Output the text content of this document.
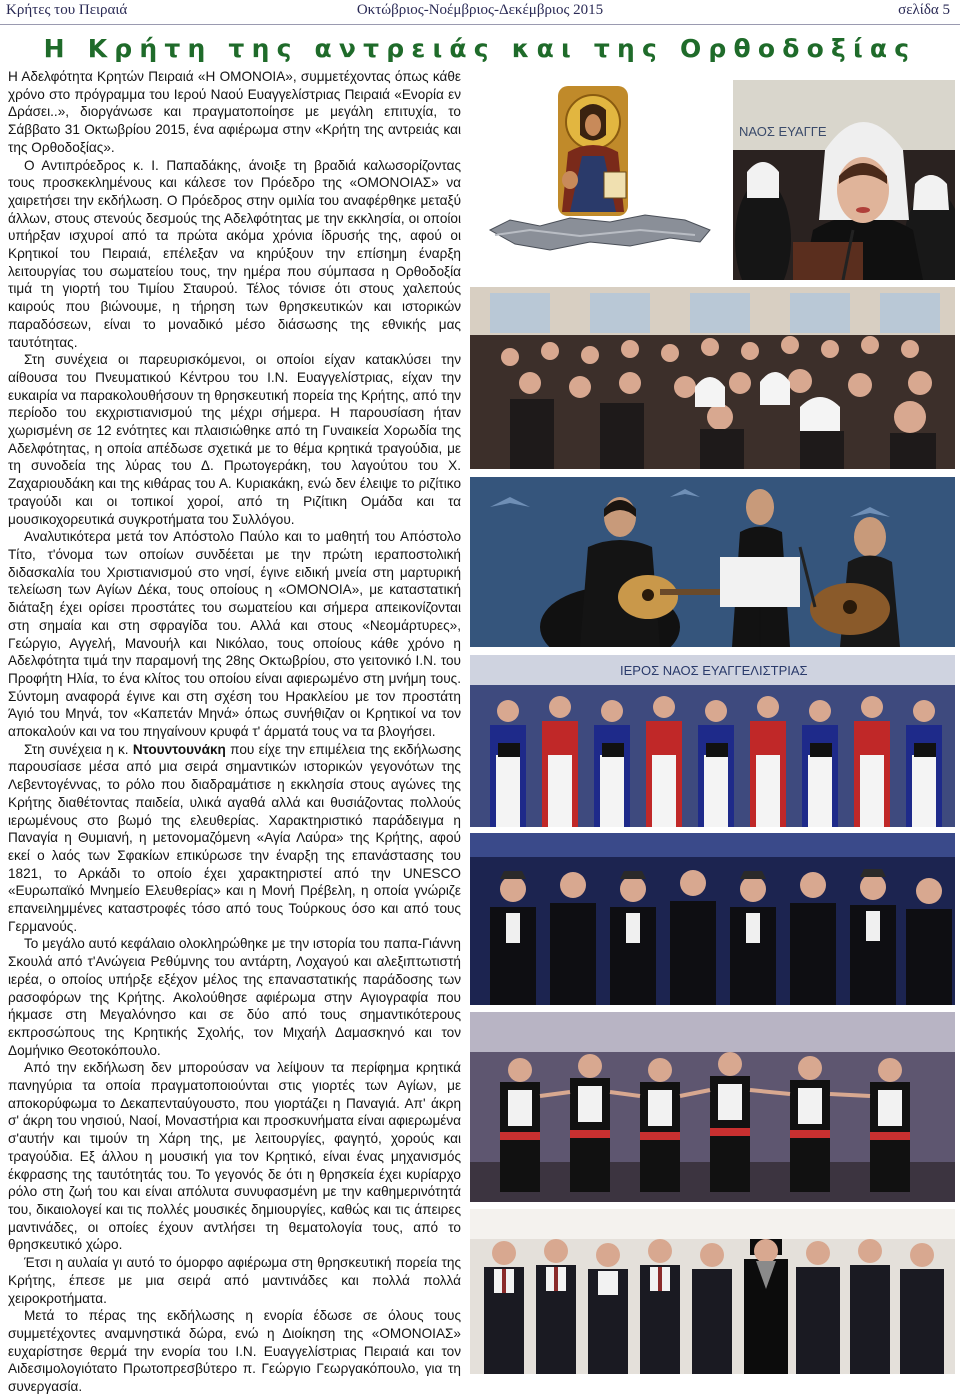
Κρήτες του Πειραιά	Οκτώβριος-Νοέμβριος-Δεκέμβριος 2015	σελίδα 5
Η Κρήτη της αντρειάς και της Ορθοδοξίας

Η Αδελφότητα Κρητών Πειραιά «Η ΟΜΟΝΟΙΑ», συμμετέχοντας όπως κάθε χρόνο στο πρόγραμμα του Ιερού Ναού Ευαγγελίστριας Πειραιά «Ενορία εν Δράσει..», διοργάνωσε και πραγματοποίησε με μεγάλη επιτυχία, το Σάββατο 31 Οκτωβρίου 2015, ένα αφιέρωμα στην «Κρήτη της αντρειάς και της Ορθοδοξίας».

Ο Αντιπρόεδρος κ. Ι. Παπαδάκης, άνοιξε τη βραδιά καλωσορίζοντας τους προσκεκλημένους και κάλεσε τον Πρόεδρο της «ΟΜΟΝΟΙΑΣ» να χαιρετήσει την εκδήλωση. Ο Πρόεδρος στην ομιλία του αναφέρθηκε μεταξύ άλλων, στους στενούς δεσμούς της Αδελφότητας με την εκκλησία, οι οποίοι υπήρξαν ισχυροί από τα πρώτα ακόμα χρόνια ίδρυσής της, αφού οι Κρητικοί του Πειραιά, επέλεξαν να κηρύξουν την επίσημη έναρξη λειτουργίας του σωματείου τους, την ημέρα που σύμπασα η Ορθοδοξία τιμά τη γιορτή του Τιμίου Σταυρού. Τέλος τόνισε ότι στους χαλεπούς καιρούς που βιώνουμε, η τήρηση των θρησκευτικών και ιστορικών παραδόσεων, είναι το μοναδικό μέσο διάσωσης της εθνικής μας ταυτότητας.

Στη συνέχεια οι παρευρισκόμενοι, οι οποίοι είχαν κατακλύσει την αίθουσα του Πνευματικού Κέντρου του Ι.Ν. Ευαγγελίστριας, είχαν την ευκαιρία να παρακολουθήσουν τη θρησκευτική πορεία της Κρήτης, από την περίοδο του εκχριστιανισμού της μέχρι σήμερα. Η παρουσίαση ήταν χωρισμένη σε 12 ενότητες και πλαισιώθηκε από τη Γυναικεία Χορωδία της Αδελφότητας, η οποία απέδωσε σχετικά με το θέμα κρητικά τραγούδια, με τη συνοδεία της λύρας του Δ. Πρωτογεράκη, του λαγούτου του Χ. Ζαχαριουδάκη και της κιθάρας του Α. Κυριακάκη, ενώ δεν έλειψε το ριζίτικο τραγούδι και οι τοπικοί χοροί, από τη Ριζίτικη Ομάδα και τα μουσικοχορευτικά συγκροτήματα του Συλλόγου.

Αναλυτικότερα μετά τον Απόστολο Παύλο και το μαθητή του Απόστολο Τίτο, τ'όνομα των οποίων συνδέεται με την πρώτη ιεραποστολική διδασκαλία του Χριστιανισμού στο νησί, έγινε ειδική μνεία στη μαρτυρική τελείωση των Αγίων Δέκα, τους οποίους η «ΟΜΟΝΟΙΑ», με καταστατική διάταξη έχει ορίσει προστάτες του σωματείου και σήμερα απεικονίζονται στη σημαία και στη σφραγίδα του. Αλλά και στους «Νεομάρτυρες», Γεώργιο, Αγγελή, Μανουήλ και Νικόλαο, τους οποίους κάθε χρόνο η Αδελφότητα τιμά την παραμονή της 28ης Οκτωβρίου, στο γειτονικό Ι.Ν. του Προφήτη Ηλία, το ένα κλίτος του οποίου είναι αφιερωμένο στη μνήμη τους. Σύντομη αναφορά έγινε και στη σχέση του Ηρακλείου με τον προστάτη Άγιό του Μηνά, τον «Καπετάν Μηνά» όπως συνήθιζαν οι Κρητικοί να τον αποκαλούν και να του πηγαίνουν κρυφά τ' άρματά τους να τα βλογήσει.

Στη συνέχεια η κ. Ντουντουνάκη που είχε την επιμέλεια της εκδήλωσης παρουσίασε μέσα από μια σειρά σημαντικών ιστορικών γεγονότων της Λεβεντογέννας, το ρόλο που διαδραμάτισε η εκκλησία στους αγώνες της Κρήτης διαθέτοντας παιδεία, υλικά αγαθά αλλά και θυσιάζοντας πολλούς ιερωμένους στο βωμό της ελευθερίας. Χαρακτηριστικό παράδειγμα η Παναγία η Θυμιανή, η μετονομαζόμενη «Αγία Λαύρα» της Κρήτης, αφού εκεί ο λαός των Σφακίων επικύρωσε την έναρξη της επανάστασης του 1821, το Αρκάδι το οποίο έχει χαρακτηριστεί από την UNESCO «Ευρωπαϊκό Μνημείο Ελευθερίας» και η Μονή Πρέβελη, η οποία γνώριζε επανειλημμένες καταστροφές τόσο από τους Τούρκους όσο και από τους Γερμανούς.

Το μεγάλο αυτό κεφάλαιο ολοκληρώθηκε με την ιστορία του παπα-Γιάννη Σκουλά από τ'Ανώγεια Ρεθύμνης του αντάρτη, Λοχαγού και αλεξιπτωτιστή ιερέα, ο οποίος υπήρξε εξέχον μέλος της επαναστατικής παράδοσης των ρασοφόρων της Κρήτης. Ακολούθησε αφιέρωμα στην Αγιογραφία που ήκμασε στη Μεγαλόνησο και σε δύο από τους σημαντικότερους εκπροσώπους της Κρητικής Σχολής, τον Μιχαήλ Δαμασκηνό και τον Δομήνικο Θεοτοκόπουλο.

Από την εκδήλωση δεν μπορούσαν να λείψουν τα περίφημα κρητικά πανηγύρια τα οποία πραγματοποιούνται στις γιορτές των Αγίων, με αποκορύφωμα το Δεκαπενταύγουστο, που γιορτάζει η Παναγιά. Απ' άκρη σ' άκρη του νησιού, Ναοί, Μοναστήρια και προσκυνήματα είναι αφιερωμένα σ'αυτήν και τιμούν τη Χάρη της, με λειτουργίες, φαγητό, χορούς και τραγούδια. Εξ άλλου η μουσική για τον Κρητικό, είναι ένας μηχανισμός έκφρασης της ταυτότητάς του. Το γεγονός δε ότι η θρησκεία έχει κυρίαρχο ρόλο στη ζωή του και είναι απόλυτα συνυφασμένη με την καθημερινότητά του, δικαιολογεί και τις πολλές μουσικές δημιουργίες, καθώς και τις άπειρες μαντινάδες, οι οποίες έχουν αντλήσει τη θεματολογία τους, από το θρησκευτικό χώρο.

Έτσι η αυλαία γι αυτό το όμορφο αφιέρωμα στη θρησκευτική πορεία της Κρήτης, έπεσε με μια σειρά από μαντινάδες και πολλά πολλά χειροκροτήματα.

Μετά το πέρας της εκδήλωσης η ενορία έδωσε σε όλους τους συμμετέχοντες αναμνηστικά δώρα, ενώ η Διοίκηση της «ΟΜΟΝΟΙΑΣ» ευχαρίστησε θερμά την ενορία του Ι.Ν. Ευαγγελίστριας Πειραιά και τον Αιδεσιμολογιότατο Πρωτοπρεσβύτερο π. Γεώργιο Γεωργακόπουλο, για τη συνεργασία.

ΝΑΟΣ ΕΥΑΓΓΕ
ΙΕΡΟΣ ΝΑΟΣ ΕΥΑΓΓΕΛΙΣΤΡΙΑΣ
